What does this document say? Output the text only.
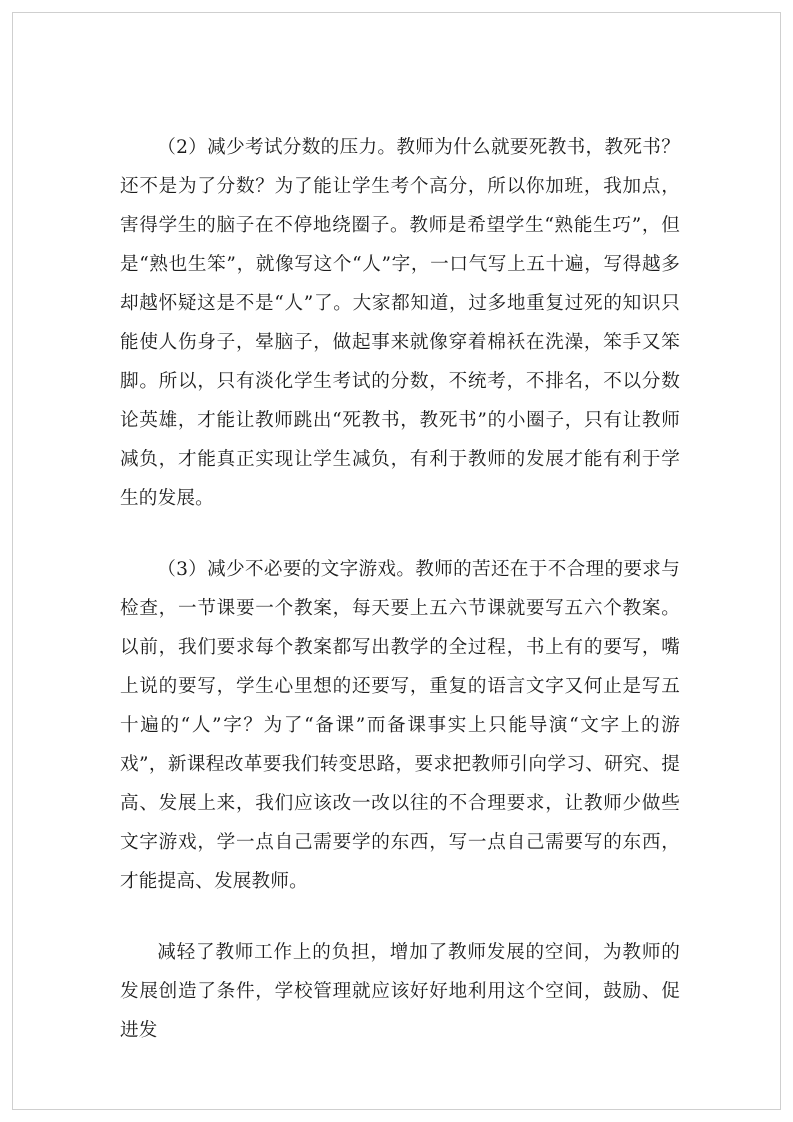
（2）减少考试分数的压力。教师为什么就要死教书，教死书？还不是为了分数？为了能让学生考个高分，所以你加班，我加点，害得学生的脑子在不停地绕圈子。教师是希望学生“熟能生巧”，但是“熟也生笨”，就像写这个“人”字，一口气写上五十遍，写得越多却越怀疑这是不是“人”了。大家都知道，过多地重复过死的知识只能使人伤身子，晕脑子，做起事来就像穿着棉袄在洗澡，笨手又笨脚。所以，只有淡化学生考试的分数，不统考，不排名，不以分数论英雄，才能让教师跳出“死教书，教死书”的小圈子，只有让教师减负，才能真正实现让学生减负，有利于教师的发展才能有利于学生的发展。

（3）减少不必要的文字游戏。教师的苦还在于不合理的要求与检查，一节课要一个教案，每天要上五六节课就要写五六个教案。以前，我们要求每个教案都写出教学的全过程，书上有的要写，嘴上说的要写，学生心里想的还要写，重复的语言文字又何止是写五十遍的“人”字？为了“备课”而备课事实上只能导演“文字上的游戏”，新课程改革要我们转变思路，要求把教师引向学习、研究、提高、发展上来，我们应该改一改以往的不合理要求，让教师少做些文字游戏，学一点自己需要学的东西，写一点自己需要写的东西，才能提高、发展教师。

减轻了教师工作上的负担，增加了教师发展的空间，为教师的发展创造了条件，学校管理就应该好好地利用这个空间，鼓励、促进发
